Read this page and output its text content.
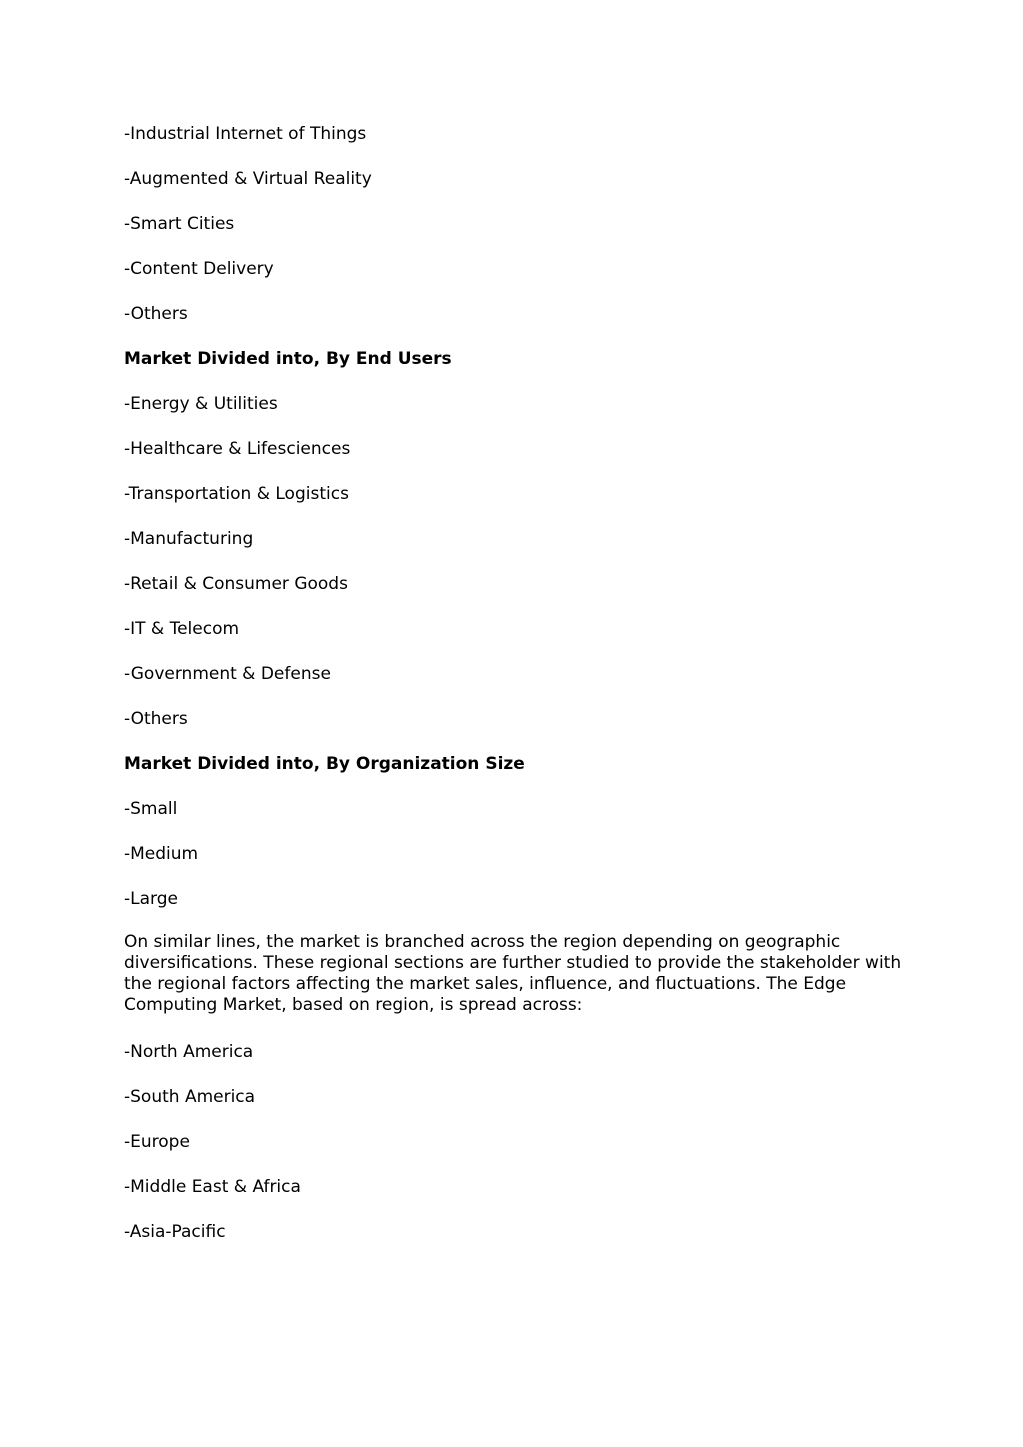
-Industrial Internet of Things
-Augmented & Virtual Reality
-Smart Cities
-Content Delivery
-Others
Market Divided into, By End Users
-Energy & Utilities
-Healthcare & Lifesciences
-Transportation & Logistics
-Manufacturing
-Retail & Consumer Goods
-IT & Telecom
-Government & Defense
-Others
Market Divided into, By Organization Size
-Small
-Medium
-Large
On similar lines, the market is branched across the region depending on geographic diversifications. These regional sections are further studied to provide the stakeholder with the regional factors affecting the market sales, influence, and fluctuations. The Edge Computing Market, based on region, is spread across:
-North America
-South America
-Europe
-Middle East & Africa
-Asia-Pacific
